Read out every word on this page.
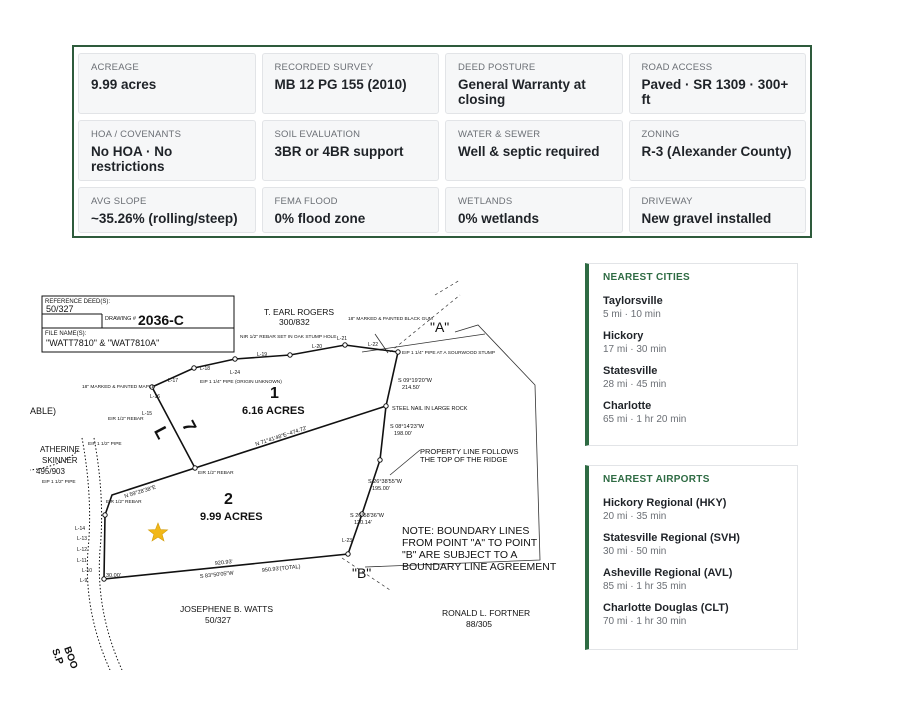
ACREAGE
9.99 acres
RECORDED SURVEY
MB 12 PG 155 (2010)
DEED POSTURE
General Warranty at closing
ROAD ACCESS
Paved · SR 1309 · 300+ ft
HOA / COVENANTS
No HOA · No restrictions
SOIL EVALUATION
3BR or 4BR support
WATER & SEWER
Well & septic required
ZONING
R-3 (Alexander County)
AVG SLOPE
~35.26% (rolling/steep)
FEMA FLOOD
0% flood zone
WETLANDS
0% wetlands
DRIVEWAY
New gravel installed
REFERENCE DEED(S):
50/327
DRAWING # 2036-C
FILE NAME(S):
"WATT7810" & "WAT7810A"
1
6.16 ACRES
2
9.99 ACRES
7
L
"A"
"B"
T. EARL ROGERS
300/832
ATHERINE
SKINNER
495/903
JOSEPHENE B. WATTS
50/327
RONALD L. FORTNER
88/305
PROPERTY LINE FOLLOWS
THE TOP OF THE RIDGE
NOTE: BOUNDARY LINES
FROM POINT "A" TO POINT
"B" ARE SUBJECT TO A
BOUNDARY LINE AGREEMENT
STEEL NAIL IN LARGE ROCK
S 09°19'20"W
214.50'
S 08°14'23"W
198.00'
S 26°38'55"W
195.00'
S 26°58'36"W
120.14'
N 71°41'48"E~474.72'
N 59°28'38"E
S 83°50'05"W
950.93'(TOTAL)
920.93'
30.00'
EIP 1 1/4" PIPE AT A SOURWOOD STUMP
18" MARKED & PAINTED BLACK GUM
18" MARKED & PAINTED MAPLE
NIR 1/2" REBAR SET IN OAK STUMP HOLE
EIP 1 1/4" PIPE (ORIGIN UNKNOWN)
EIR 1/2" REBAR
EIR 1/2" REBAR
EIR 1/2" REBAR
EIP 1 1/2" PIPE
EIP 1 1/2" PIPE
L-18
L-19
L-20
L-21
L-22
L-23
L-24
L-17
L-16
L-15
L-14
L-13
L-12
L-11
L-10
L-9
ABLE)
BOO
S.P
NEAREST CITIES
Taylorsville
5 mi · 10 min
Hickory
17 mi · 30 min
Statesville
28 mi · 45 min
Charlotte
65 mi · 1 hr 20 min
NEAREST AIRPORTS
Hickory Regional (HKY)
20 mi · 35 min
Statesville Regional (SVH)
30 mi · 50 min
Asheville Regional (AVL)
85 mi · 1 hr 35 min
Charlotte Douglas (CLT)
70 mi · 1 hr 30 min
